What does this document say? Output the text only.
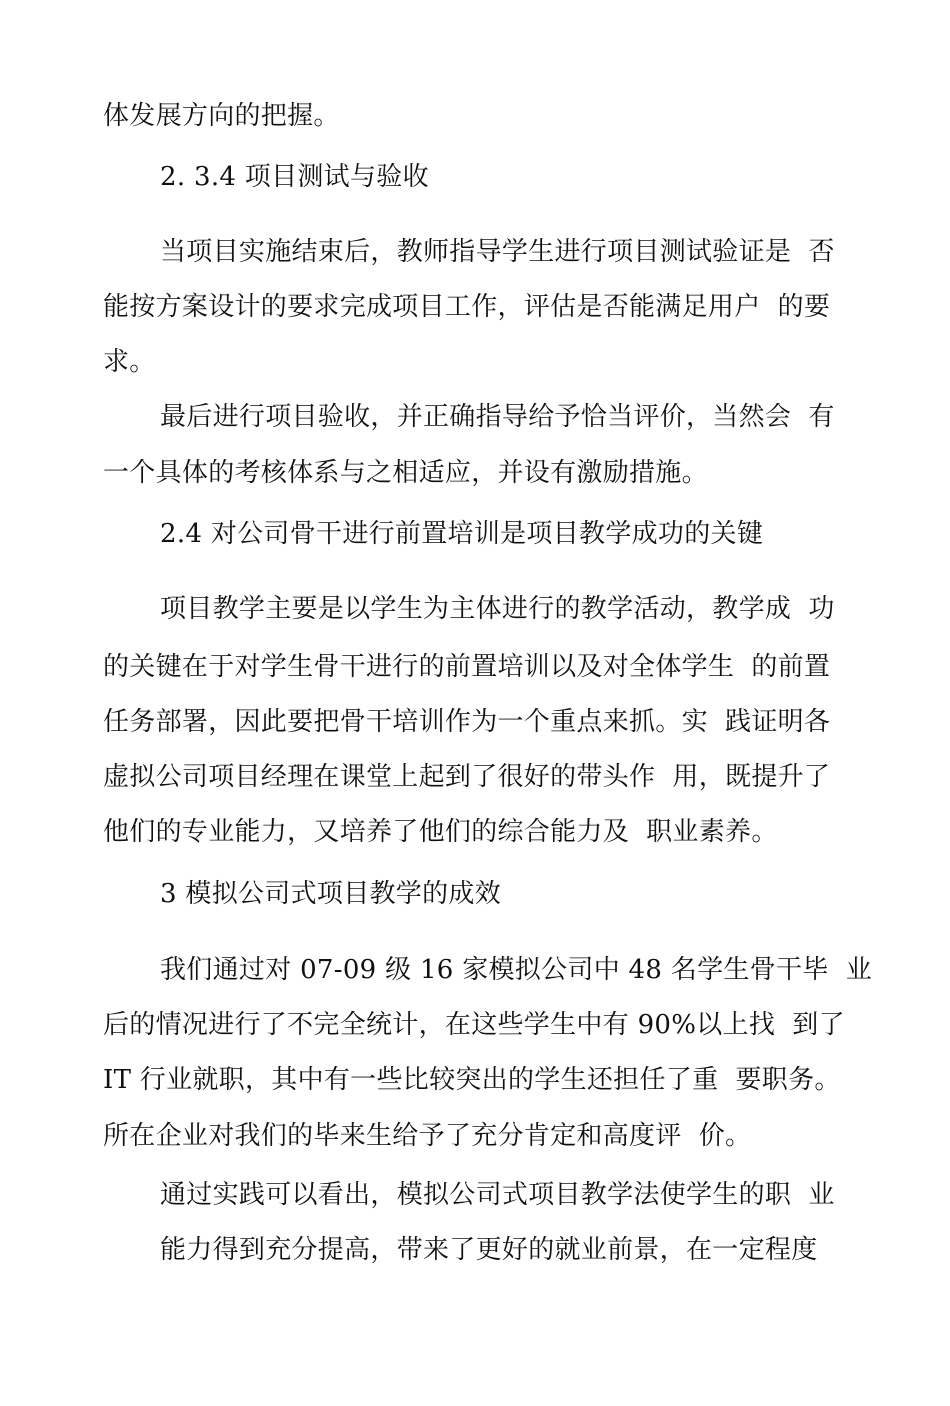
体发展方向的把握。
2. 3.4 项目测试与验收
当项目实施结束后，教师指导学生进行项目测试验证是  否
能按方案设计的要求完成项目工作，评估是否能满足用户  的要
求。
最后进行项目验收，并正确指导给予恰当评价，当然会  有
一个具体的考核体系与之相适应，并设有激励措施。
2.4 对公司骨干进行前置培训是项目教学成功的关键
项目教学主要是以学生为主体进行的教学活动，教学成  功
的关键在于对学生骨干进行的前置培训以及对全体学生  的前置
任务部署，因此要把骨干培训作为一个重点来抓。实  践证明各
虚拟公司项目经理在课堂上起到了很好的带头作  用，既提升了
他们的专业能力，又培养了他们的综合能力及  职业素养。
3 模拟公司式项目教学的成效
我们通过对 07-09 级 16 家模拟公司中 48 名学生骨干毕  业
后的情况进行了不完全统计，在这些学生中有 90%以上找  到了
IT 行业就职，其中有一些比较突出的学生还担任了重  要职务。
所在企业对我们的毕来生给予了充分肯定和高度评  价。
通过实践可以看出，模拟公司式项目教学法使学生的职  业
能力得到充分提高，带来了更好的就业前景，在一定程度
